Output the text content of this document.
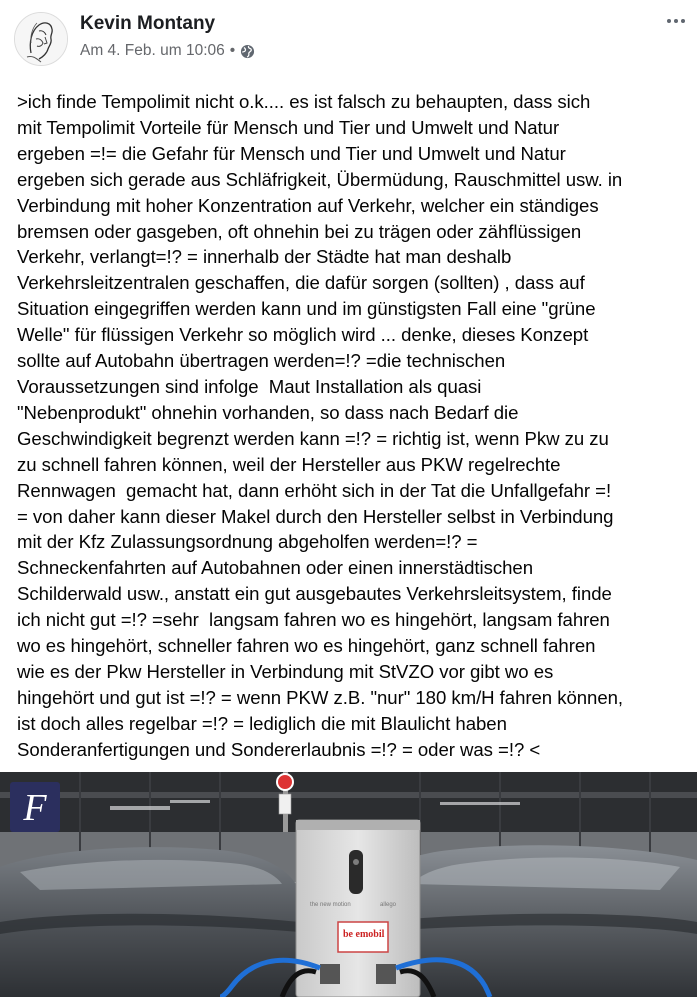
Kevin Montany
Am 4. Feb. um 10:06 •
>ich finde Tempolimit nicht o.k.... es ist falsch zu behaupten, dass sich
mit Tempolimit Vorteile für Mensch und Tier und Umwelt und Natur
ergeben =!= die Gefahr für Mensch und Tier und Umwelt und Natur
ergeben sich gerade aus Schläfrigkeit, Übermüdung, Rauschmittel usw. in
Verbindung mit hoher Konzentration auf Verkehr, welcher ein ständiges
bremsen oder gasgeben, oft ohnehin bei zu trägen oder zähflüssigen
Verkehr, verlangt=!? = innerhalb der Städte hat man deshalb
Verkehrsleitzentralen geschaffen, die dafür sorgen (sollten) , dass auf
Situation eingegriffen werden kann und im günstigsten Fall eine "grüne
Welle" für flüssigen Verkehr so möglich wird ... denke, dieses Konzept
sollte auf Autobahn übertragen werden=!? =die technischen
Voraussetzungen sind infolge  Maut Installation als quasi
"Nebenprodukt" ohnehin vorhanden, so dass nach Bedarf die
Geschwindigkeit begrenzt werden kann =!? = richtig ist, wenn Pkw zu zu
zu schnell fahren können, weil der Hersteller aus PKW regelrechte
Rennwagen  gemacht hat, dann erhöht sich in der Tat die Unfallgefahr =!
= von daher kann dieser Makel durch den Hersteller selbst in Verbindung
mit der Kfz Zulassungsordnung abgeholfen werden=!? =
Schneckenfahrten auf Autobahnen oder einen innerstädtischen
Schilderwald usw., anstatt ein gut ausgebautes Verkehrsleitsystem, finde
ich nicht gut =!? =sehr  langsam fahren wo es hingehört, langsam fahren
wo es hingehört, schneller fahren wo es hingehört, ganz schnell fahren
wie es der Pkw Hersteller in Verbindung mit StVZO vor gibt wo es
hingehört und gut ist =!? = wenn PKW z.B. "nur" 180 km/H fahren können,
ist doch alles regelbar =!? = lediglich die mit Blaulicht haben
Sonderanfertigungen und Sondererlaubnis =!? = oder was =!? <
the new motion	allego
be emobil
F
